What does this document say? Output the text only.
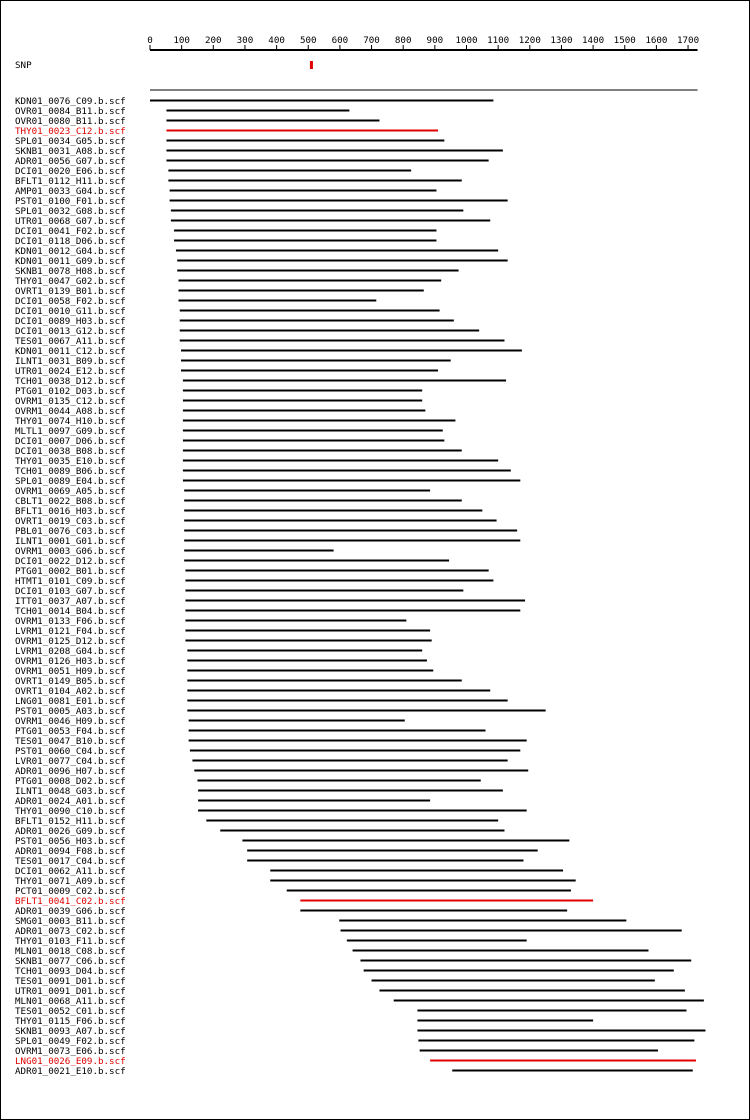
0 100 200 300 400 500 600 700 800 900 1000 1100 1200 1300 1400 1500 1600 1700
SNP
KDN01_0076_C09.b.scf
OVR01_0084_B11.b.scf
OVR01_0080_B11.b.scf
THY01_0023_C12.b.scf
SPL01_0034_G05.b.scf
SKNB1_0031_A08.b.scf
ADR01_0056_G07.b.scf
DCI01_0020_E06.b.scf
BFLT1_0112_H11.b.scf
AMP01_0033_G04.b.scf
PST01_0100_F01.b.scf
SPL01_0032_G08.b.scf
UTR01_0068_G07.b.scf
DCI01_0041_F02.b.scf
DCI01_0118_D06.b.scf
KDN01_0012_G04.b.scf
KDN01_0011_G09.b.scf
SKNB1_0078_H08.b.scf
THY01_0047_G02.b.scf
OVRT1_0139_B01.b.scf
DCI01_0058_F02.b.scf
DCI01_0010_G11.b.scf
DCI01_0089_H03.b.scf
DCI01_0013_G12.b.scf
TES01_0067_A11.b.scf
KDN01_0011_C12.b.scf
ILNT1_0031_B09.b.scf
UTR01_0024_E12.b.scf
TCH01_0038_D12.b.scf
PTG01_0102_D03.b.scf
OVRM1_0135_C12.b.scf
OVRM1_0044_A08.b.scf
THY01_0074_H10.b.scf
MLTL1_0097_G09.b.scf
DCI01_0007_D06.b.scf
DCI01_0038_B08.b.scf
THY01_0035_E10.b.scf
TCH01_0089_B06.b.scf
SPL01_0089_E04.b.scf
OVRM1_0069_A05.b.scf
CBLT1_0022_B08.b.scf
BFLT1_0016_H03.b.scf
OVRT1_0019_C03.b.scf
PBL01_0076_C03.b.scf
ILNT1_0001_G01.b.scf
OVRM1_0003_G06.b.scf
DCI01_0022_D12.b.scf
PTG01_0002_B01.b.scf
HTMT1_0101_C09.b.scf
DCI01_0103_G07.b.scf
ITT01_0037_A07.b.scf
TCH01_0014_B04.b.scf
OVRM1_0133_F06.b.scf
LVRM1_0121_F04.b.scf
OVRM1_0125_D12.b.scf
LVRM1_0208_G04.b.scf
OVRM1_0126_H03.b.scf
OVRM1_0051_H09.b.scf
OVRT1_0149_B05.b.scf
OVRT1_0104_A02.b.scf
LNG01_0081_E01.b.scf
PST01_0005_A03.b.scf
OVRM1_0046_H09.b.scf
PTG01_0053_F04.b.scf
TES01_0047_B10.b.scf
PST01_0060_C04.b.scf
LVR01_0077_C04.b.scf
ADR01_0096_H07.b.scf
PTG01_0008_D02.b.scf
ILNT1_0048_G03.b.scf
ADR01_0024_A01.b.scf
THY01_0090_C10.b.scf
BFLT1_0152_H11.b.scf
ADR01_0026_G09.b.scf
PST01_0056_H03.b.scf
ADR01_0094_F08.b.scf
TES01_0017_C04.b.scf
DCI01_0062_A11.b.scf
THY01_0071_A09.b.scf
PCT01_0009_C02.b.scf
BFLT1_0041_C02.b.scf
ADR01_0039_G06.b.scf
SMG01_0003_B11.b.scf
ADR01_0073_C02.b.scf
THY01_0103_F11.b.scf
MLN01_0018_C08.b.scf
SKNB1_0077_C06.b.scf
TCH01_0093_D04.b.scf
TES01_0091_D01.b.scf
UTR01_0091_D01.b.scf
MLN01_0068_A11.b.scf
TES01_0052_C01.b.scf
THY01_0115_F06.b.scf
SKNB1_0093_A07.b.scf
SPL01_0049_F02.b.scf
OVRM1_0073_E06.b.scf
LNG01_0026_E09.b.scf
ADR01_0021_E10.b.scf
